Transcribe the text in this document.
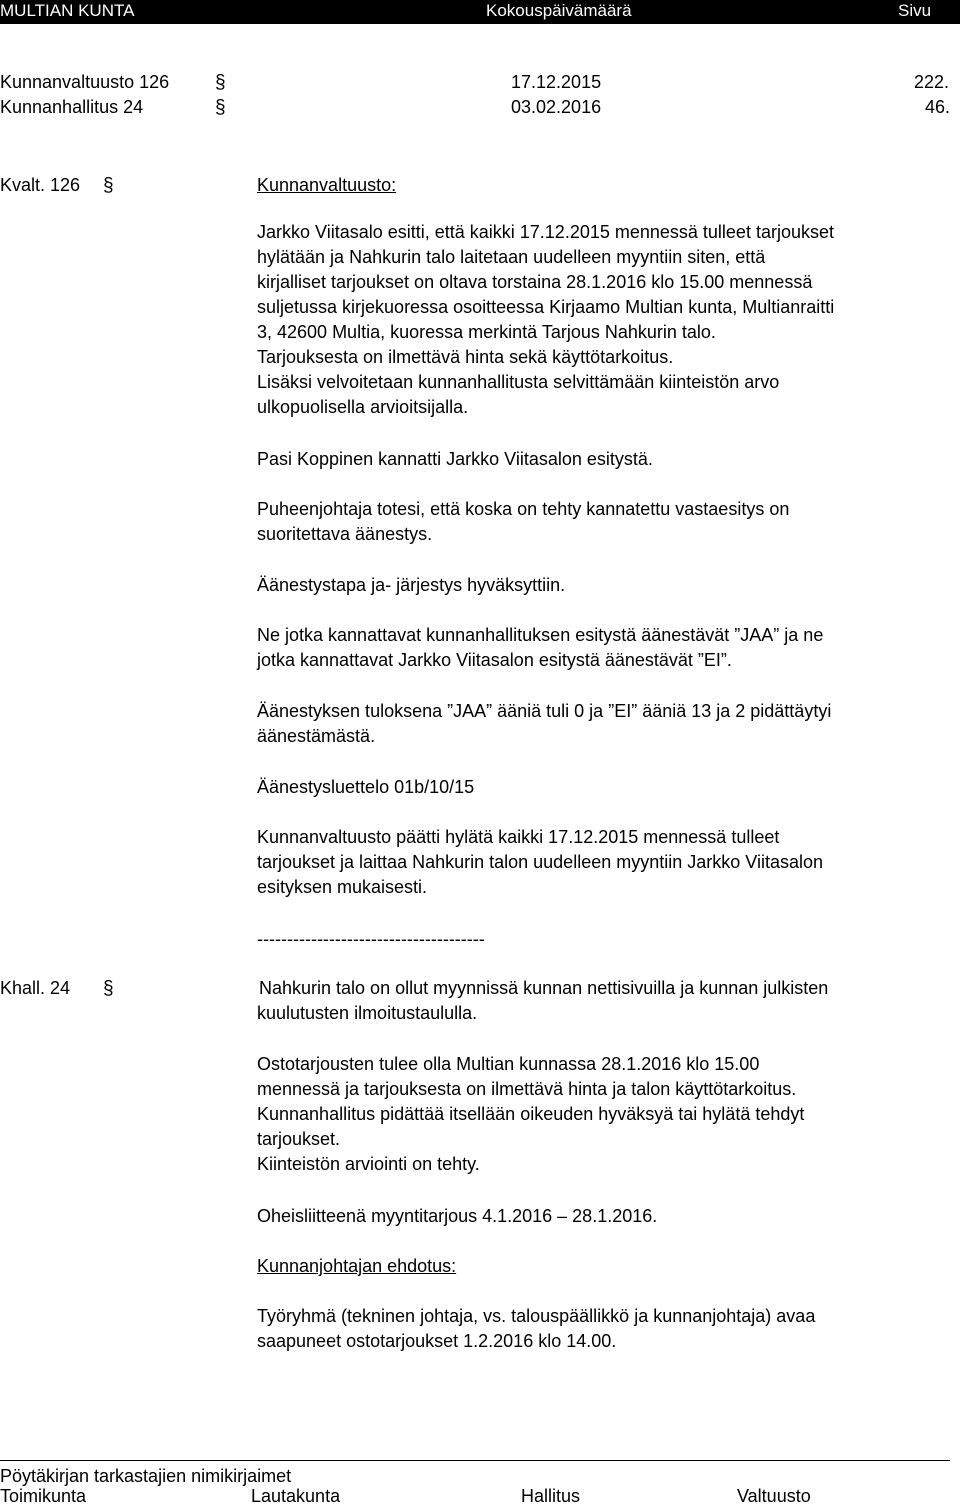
MULTIAN KUNTA	Kokouspäivämäärä	Sivu
Kunnanvaltuusto 126 §	17.12.2015	222.
Kunnanhallitus 24	§	03.02.2016	46.
Kvalt. 126 §	Kunnanvaltuusto:
Jarkko Viitasalo esitti, että kaikki 17.12.2015 mennessä tulleet tarjoukset
hylätään ja Nahkurin talo laitetaan uudelleen myyntiin siten, että
kirjalliset tarjoukset on oltava torstaina 28.1.2016 klo 15.00 mennessä
suljetussa kirjekuoressa osoitteessa Kirjaamo Multian kunta, Multianraitti
3, 42600 Multia, kuoressa merkintä Tarjous Nahkurin talo.
Tarjouksesta on ilmettävä hinta sekä käyttötarkoitus.
Lisäksi velvoitetaan kunnanhallitusta selvittämään kiinteistön arvo
ulkopuolisella arvioitsijalla.
Pasi Koppinen kannatti Jarkko Viitasalon esitystä.
Puheenjohtaja totesi, että koska on tehty kannatettu vastaesitys on
suoritettava äänestys.
Äänestystapa ja- järjestys hyväksyttiin.
Ne jotka kannattavat kunnanhallituksen esitystä äänestävät ”JAA” ja ne
jotka kannattavat Jarkko Viitasalon esitystä äänestävät ”EI”.
Äänestyksen tuloksena ”JAA” ääniä tuli 0 ja ”EI” ääniä 13 ja 2 pidättäytyi
äänestämästä.
Äänestysluettelo 01b/10/15
Kunnanvaltuusto päätti hylätä kaikki 17.12.2015 mennessä tulleet
tarjoukset ja laittaa Nahkurin talon uudelleen myyntiin Jarkko Viitasalon
esityksen mukaisesti.
--------------------------------------
Khall. 24 §	Nahkurin talo on ollut myynnissä kunnan nettisivuilla ja kunnan julkisten
kuulutusten ilmoitustaululla.
Ostotarjousten tulee olla Multian kunnassa 28.1.2016 klo 15.00
mennessä ja tarjouksesta on ilmettävä hinta ja talon käyttötarkoitus.
Kunnanhallitus pidättää itsellään oikeuden hyväksyä tai hylätä tehdyt
tarjoukset.
Kiinteistön arviointi on tehty.
Oheisliitteenä myyntitarjous 4.1.2016 – 28.1.2016.
Kunnanjohtajan ehdotus:
Työryhmä (tekninen johtaja, vs. talouspäällikkö ja kunnanjohtaja) avaa
saapuneet ostotarjoukset 1.2.2016 klo 14.00.
Pöytäkirjan tarkastajien nimikirjaimet
Toimikunta	Lautakunta	Hallitus	Valtuusto
